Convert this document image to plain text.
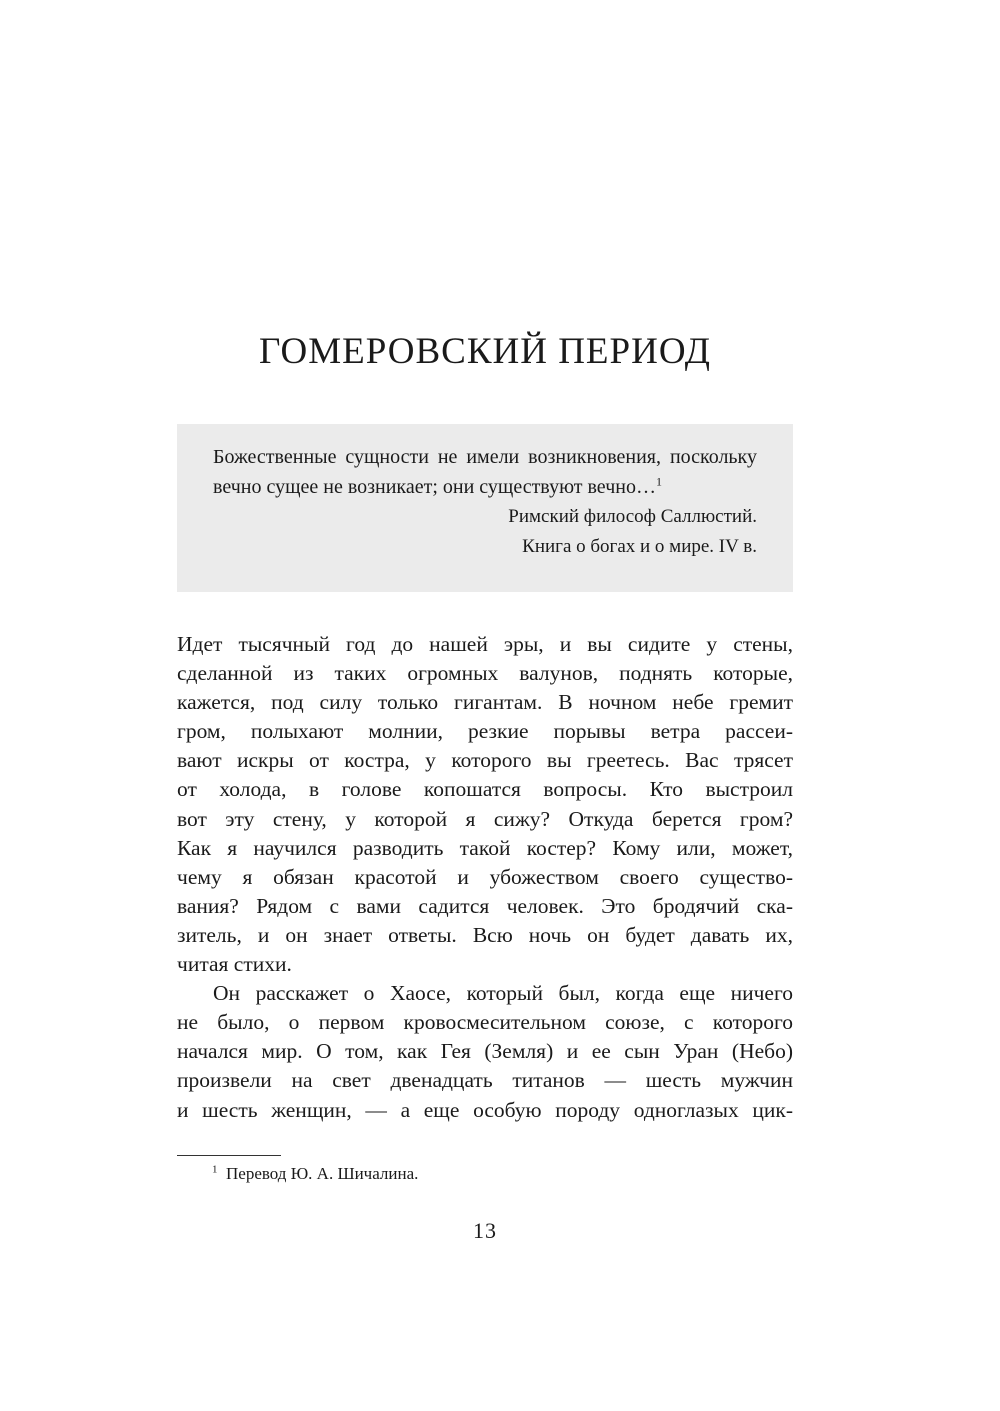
ГОМЕРОВСКИЙ ПЕРИОД

Божественные сущности не имели возникновения, поскольку вечно сущее не возникает; они существуют вечно…$^1$

Римский философ Саллюстий.
Книга о богах и о мире. IV в.

Идет тысячный год до нашей эры, и вы сидите у стены,
сделанной из таких огромных валунов, поднять которые,
кажется, под силу только гигантам. В ночном небе гремит
гром, полыхают молнии, резкие порывы ветра рассеи-
вают искры от костра, у которого вы греетесь. Вас трясет
от холода, в голове копошатся вопросы. Кто выстроил
вот эту стену, у которой я сижу? Откуда берется гром?
Как я научился разводить такой костер? Кому или, может,
чему я обязан красотой и убожеством своего существо-
вания? Рядом с вами садится человек. Это бродячий ска-
зитель, и он знает ответы. Всю ночь он будет давать их,
читая стихи.

Он расскажет о Хаосе, который был, когда еще ничего
не было, о первом кровосмесительном союзе, с которого
начался мир. О том, как Гея (Земля) и ее сын Уран (Небо)
произвели на свет двенадцать титанов — шесть мужчин
и шесть женщин, — а еще особую породу одноглазых цик-

$^1$ Перевод Ю. А. Шичалина.
13
